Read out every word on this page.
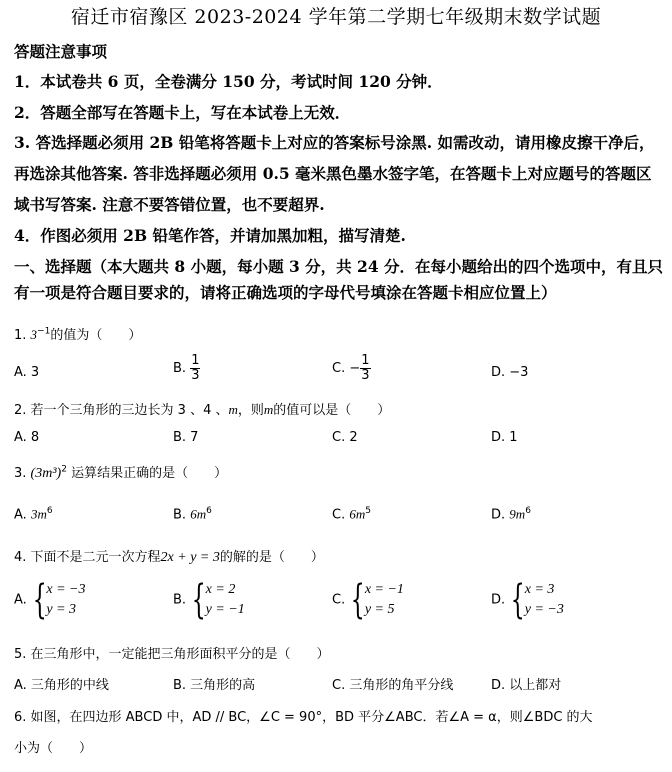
宿迁市宿豫区 2023-2024 学年第二学期七年级期末数学试题
答题注意事项
1．本试卷共 6 页，全卷满分 150 分，考试时间 120 分钟．
2．答题全部写在答题卡上，写在本试卷上无效．
3. 答选择题必须用 2B 铅笔将答题卡上对应的答案标号涂黑. 如需改动，请用橡皮擦干净后，
再选涂其他答案. 答非选择题必须用 0.5 毫米黑色墨水签字笔，在答题卡上对应题号的答题区
域书写答案. 注意不要答错位置，也不要超界.
4．作图必须用 2B 铅笔作答，并请加黑加粗，描写清楚.
一、选择题（本大题共 8 小题，每小题 3 分，共 24 分．在每小题给出的四个选项中，有且只
有一项是符合题目要求的，请将正确选项的字母代号填涂在答题卡相应位置上）
1. $3^{-1}$的值为（　　）
A. 3	B. $\frac{1}{3}$	C. − $\frac{1}{3}$	D. −3
2. 若一个三角形的三边长为 3 、4 、m，则m的值可以是（　　）
A. 8	B. 7	C. 2	D. 1
3. $(3m^3)^2$ 运算结果正确的是（　　）
A. $3m^6$	B. $6m^6$	C. $6m^5$	D. $9m^6$
4. 下面不是二元一次方程2x + y = 3的解的是（　　）
A. { x = −3
y = 3
B. { x = 2
y = −1
C. { x = −1
y = 5
D. { x = 3
y = −3
5. 在三角形中，一定能把三角形面积平分的是（　　）
A. 三角形的中线	B. 三角形的高	C. 三角形的角平分线	D. 以上都对
6. 如图，在四边形 ABCD 中，AD // BC，∠C = 90°，BD 平分∠ABC．若∠A = α，则∠BDC 的大
小为（　　）
